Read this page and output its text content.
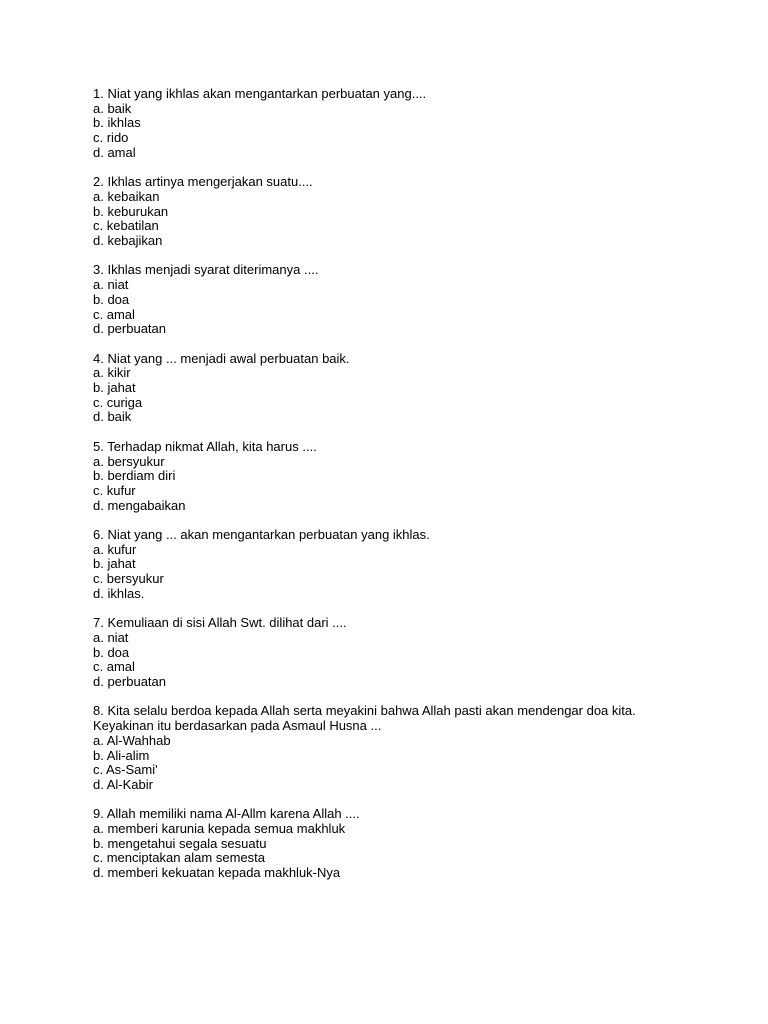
1. Niat yang ikhlas akan mengantarkan perbuatan yang....
a. baik
b. ikhlas
c. rido
d. amal
2. Ikhlas artinya mengerjakan suatu....
a. kebaikan
b. keburukan
c. kebatilan
d. kebajikan
3. Ikhlas menjadi syarat diterimanya ....
a. niat
b. doa
c. amal
d. perbuatan
4. Niat yang ... menjadi awal perbuatan baik.
a. kikir
b. jahat
c. curiga
d. baik
5. Terhadap nikmat Allah, kita harus ....
a. bersyukur
b. berdiam diri
c. kufur
d. mengabaikan
6. Niat yang ... akan mengantarkan perbuatan yang ikhlas.
a. kufur
b. jahat
c. bersyukur
d. ikhlas.
7. Kemuliaan di sisi Allah Swt. dilihat dari ....
a. niat
b. doa
c. amal
d. perbuatan
8. Kita selalu berdoa kepada Allah serta meyakini bahwa Allah pasti akan mendengar doa kita.
Keyakinan itu berdasarkan pada Asmaul Husna ...
a. Al-Wahhab
b. Ali-alim
c. As-Sami'
d. Al-Kabir
9. Allah memiliki nama Al-Allm karena Allah ....
a. memberi karunia kepada semua makhluk
b. mengetahui segala sesuatu
c. menciptakan alam semesta
d. memberi kekuatan kepada makhluk-Nya
